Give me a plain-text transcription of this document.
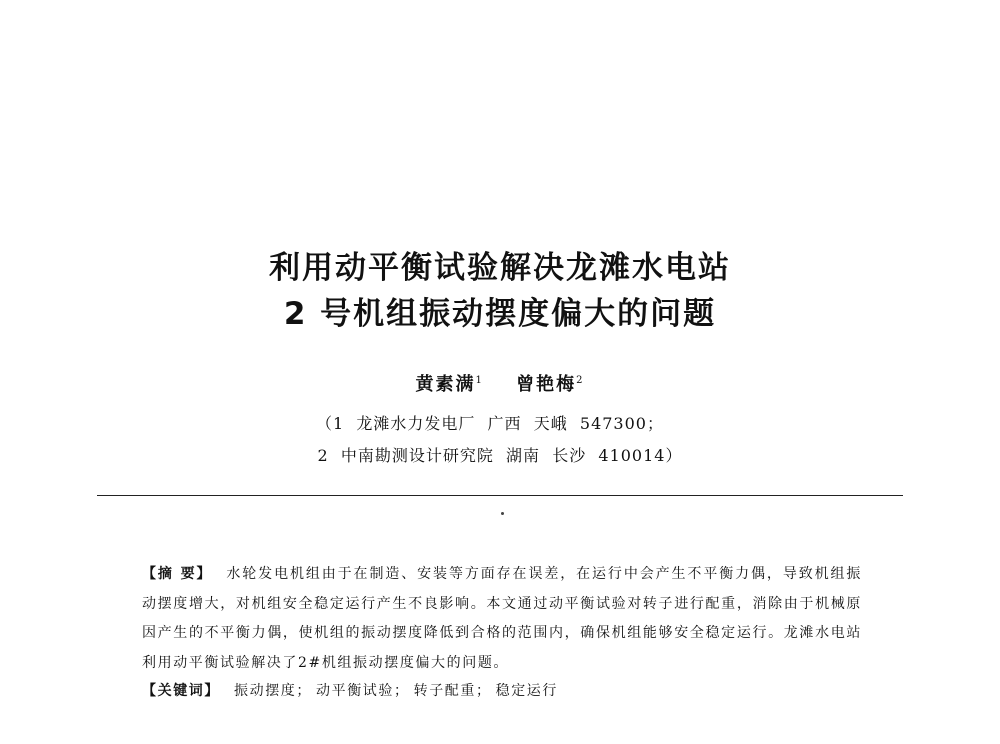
利用动平衡试验解决龙滩水电站
2 号机组振动摆度偏大的问题
黄素满$^1$ 曾艳梅$^2$
（1  龙滩水力发电厂  广西  天峨  547300；
2  中南勘测设计研究院  湖南  长沙  410014）
【摘 要】 水轮发电机组由于在制造、安装等方面存在误差，在运行中会产生不平衡力偶，导致机组振动摆度增大，对机组安全稳定运行产生不良影响。本文通过动平衡试验对转子进行配重，消除由于机械原因产生的不平衡力偶，使机组的振动摆度降低到合格的范围内，确保机组能够安全稳定运行。龙滩水电站利用动平衡试验解决了2#机组振动摆度偏大的问题。
【关键词】 振动摆度； 动平衡试验； 转子配重； 稳定运行
